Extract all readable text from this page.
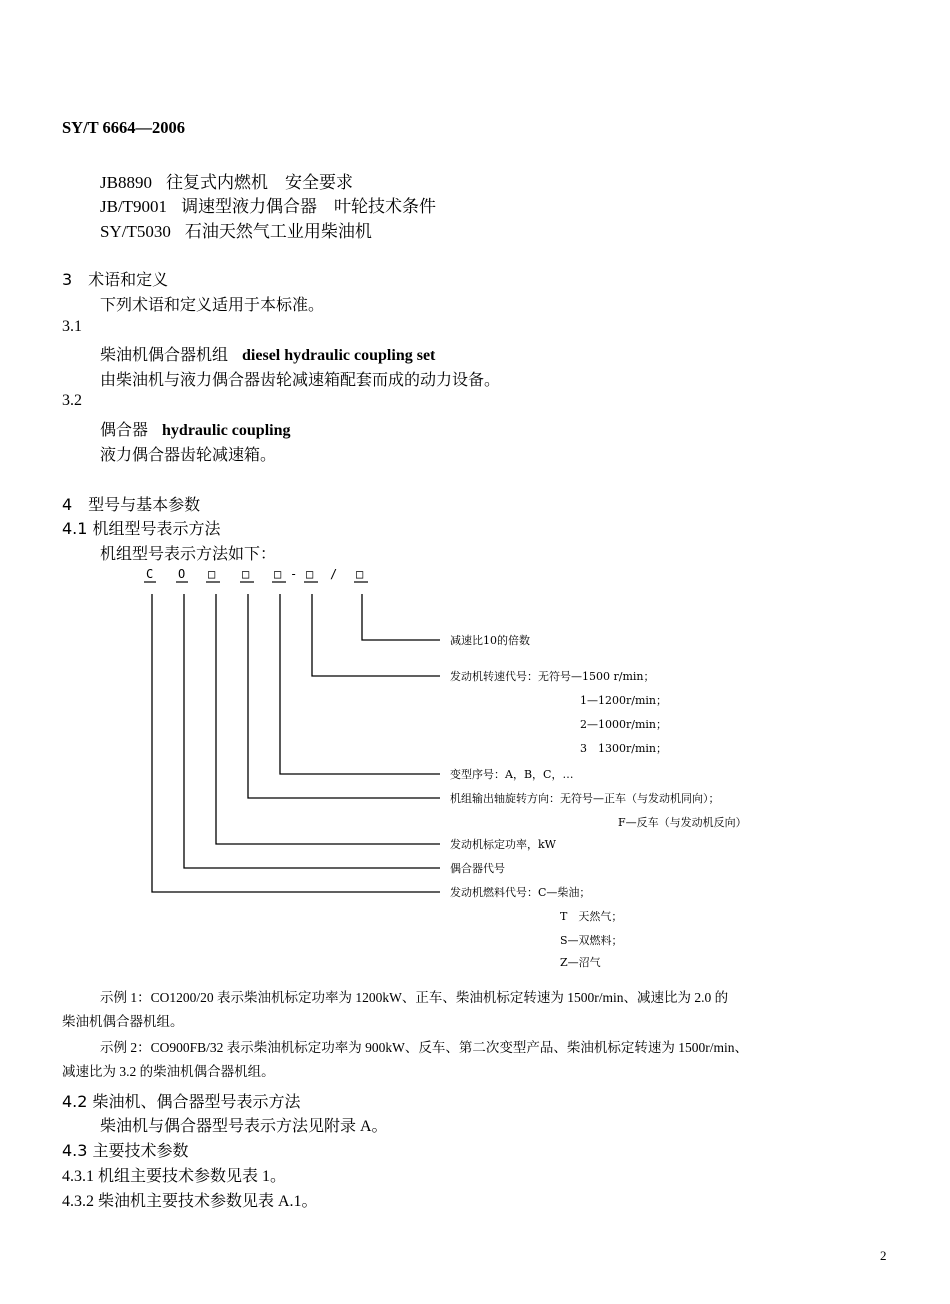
SY/T 6664—2006
JB8890 往复式内燃机　安全要求
JB/T9001 调速型液力偶合器　叶轮技术条件
SY/T5030 石油天然气工业用柴油机
3　术语和定义
下列术语和定义适用于本标准。
3.1
柴油机偶合器机组 diesel hydraulic coupling set
由柴油机与液力偶合器齿轮减速箱配套而成的动力设备。
3.2
偶合器 hydraulic coupling
液力偶合器齿轮减速箱。
4　型号与基本参数
4.1 机组型号表示方法
机组型号表示方法如下：
C O □ □ □ - □ / □
减速比10的倍数
发动机转速代号：无符号—1500 r/min；
1—1200r/min；
2—1000r/min；
3　1300r/min；
变型序号：A，B，C，…
机组输出轴旋转方向：无符号—正车（与发动机同向）；
F—反车（与发动机反向）
发动机标定功率，kW
偶合器代号
发动机燃料代号：C—柴油；
T　天然气；
S—双燃料；
Z—沼气
示例 1：CO1200/20 表示柴油机标定功率为 1200kW、正车、柴油机标定转速为 1500r/min、减速比为 2.0 的
柴油机偶合器机组。
示例 2：CO900FB/32 表示柴油机标定功率为 900kW、反车、第二次变型产品、柴油机标定转速为 1500r/min、
减速比为 3.2 的柴油机偶合器机组。
4.2 柴油机、偶合器型号表示方法
柴油机与偶合器型号表示方法见附录 A。
4.3 主要技术参数
4.3.1 机组主要技术参数见表 1。
4.3.2 柴油机主要技术参数见表 A.1。
2
